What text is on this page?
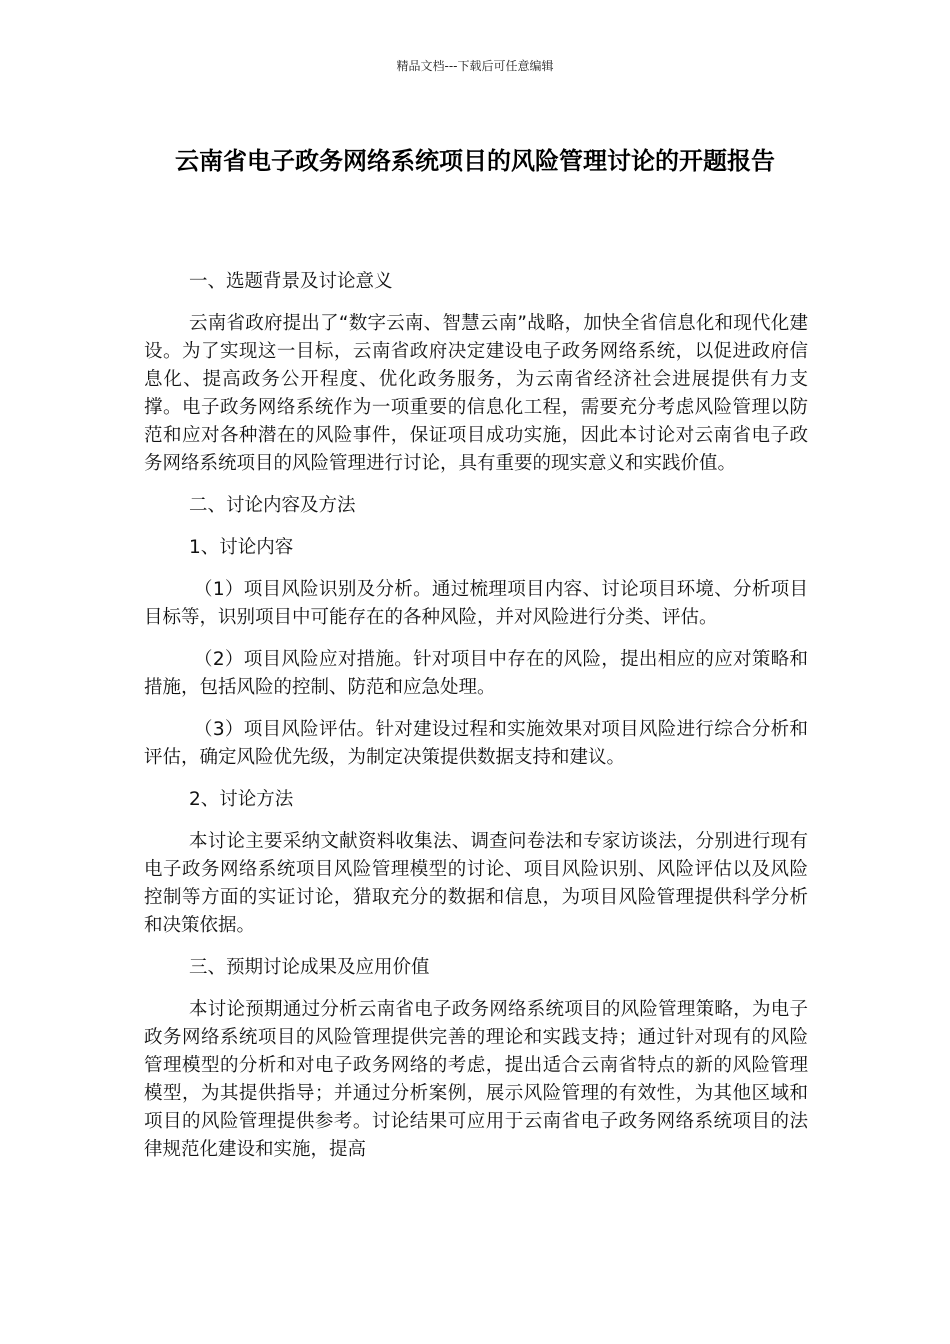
精品文档---下载后可任意编辑
云南省电子政务网络系统项目的风险管理讨论的开题报告

一、选题背景及讨论意义

云南省政府提出了“数字云南、智慧云南”战略，加快全省信息化和现代化建设。为了实现这一目标，云南省政府决定建设电子政务网络系统，以促进政府信息化、提高政务公开程度、优化政务服务，为云南省经济社会进展提供有力支撑。电子政务网络系统作为一项重要的信息化工程，需要充分考虑风险管理以防范和应对各种潜在的风险事件，保证项目成功实施，因此本讨论对云南省电子政务网络系统项目的风险管理进行讨论，具有重要的现实意义和实践价值。

二、讨论内容及方法

1、讨论内容

（1）项目风险识别及分析。通过梳理项目内容、讨论项目环境、分析项目目标等，识别项目中可能存在的各种风险，并对风险进行分类、评估。

（2）项目风险应对措施。针对项目中存在的风险，提出相应的应对策略和措施，包括风险的控制、防范和应急处理。

（3）项目风险评估。针对建设过程和实施效果对项目风险进行综合分析和评估，确定风险优先级，为制定决策提供数据支持和建议。

2、讨论方法

本讨论主要采纳文献资料收集法、调查问卷法和专家访谈法，分别进行现有电子政务网络系统项目风险管理模型的讨论、项目风险识别、风险评估以及风险控制等方面的实证讨论，猎取充分的数据和信息，为项目风险管理提供科学分析和决策依据。

三、预期讨论成果及应用价值

本讨论预期通过分析云南省电子政务网络系统项目的风险管理策略，为电子政务网络系统项目的风险管理提供完善的理论和实践支持；通过针对现有的风险管理模型的分析和对电子政务网络的考虑，提出适合云南省特点的新的风险管理模型，为其提供指导；并通过分析案例，展示风险管理的有效性，为其他区域和项目的风险管理提供参考。讨论结果可应用于云南省电子政务网络系统项目的法律规范化建设和实施，提高
